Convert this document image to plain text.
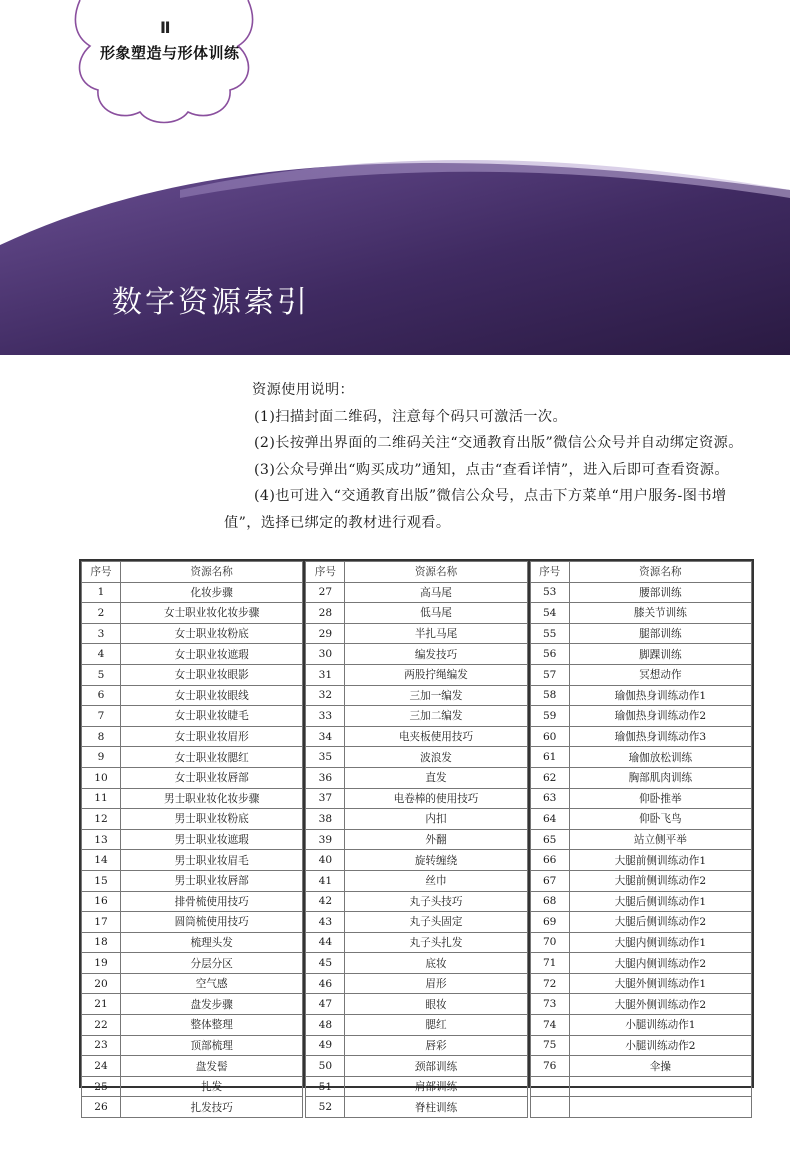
Ⅱ
形象塑造与形体训练
数字资源索引

资源使用说明：

(1)扫描封面二维码，注意每个码只可激活一次。

(2)长按弹出界面的二维码关注“交通教育出版”微信公众号并自动绑定资源。

(3)公众号弹出“购买成功”通知，点击“查看详情”，进入后即可查看资源。

(4)也可进入“交通教育出版”微信公众号，点击下方菜单“用户服务-图书增值”，选择已绑定的教材进行观看。

序号	资源名称
1	化妆步骤
2	女士职业妆化妆步骤
3	女士职业妆粉底
4	女士职业妆遮瑕
5	女士职业妆眼影
6	女士职业妆眼线
7	女士职业妆睫毛
8	女士职业妆眉形
9	女士职业妆腮红
10	女士职业妆唇部
11	男士职业妆化妆步骤
12	男士职业妆粉底
13	男士职业妆遮瑕
14	男士职业妆眉毛
15	男士职业妆唇部
16	排骨梳使用技巧
17	圆筒梳使用技巧
18	梳理头发
19	分层分区
20	空气感
21	盘发步骤
22	整体整理
23	顶部梳理
24	盘发髻
25	扎发
26	扎发技巧
序号	资源名称
27	高马尾
28	低马尾
29	半扎马尾
30	编发技巧
31	两股拧绳编发
32	三加一编发
33	三加二编发
34	电夹板使用技巧
35	波浪发
36	直发
37	电卷棒的使用技巧
38	内扣
39	外翻
40	旋转缠绕
41	丝巾
42	丸子头技巧
43	丸子头固定
44	丸子头扎发
45	底妆
46	眉形
47	眼妆
48	腮红
49	唇彩
50	颈部训练
51	肩部训练
52	脊柱训练
序号	资源名称
53	腰部训练
54	膝关节训练
55	腿部训练
56	脚踝训练
57	冥想动作
58	瑜伽热身训练动作1
59	瑜伽热身训练动作2
60	瑜伽热身训练动作3
61	瑜伽放松训练
62	胸部肌肉训练
63	仰卧推举
64	仰卧飞鸟
65	站立侧平举
66	大腿前侧训练动作1
67	大腿前侧训练动作2
68	大腿后侧训练动作1
69	大腿后侧训练动作2
70	大腿内侧训练动作1
71	大腿内侧训练动作2
72	大腿外侧训练动作1
73	大腿外侧训练动作2
74	小腿训练动作1
75	小腿训练动作2
76	伞操
